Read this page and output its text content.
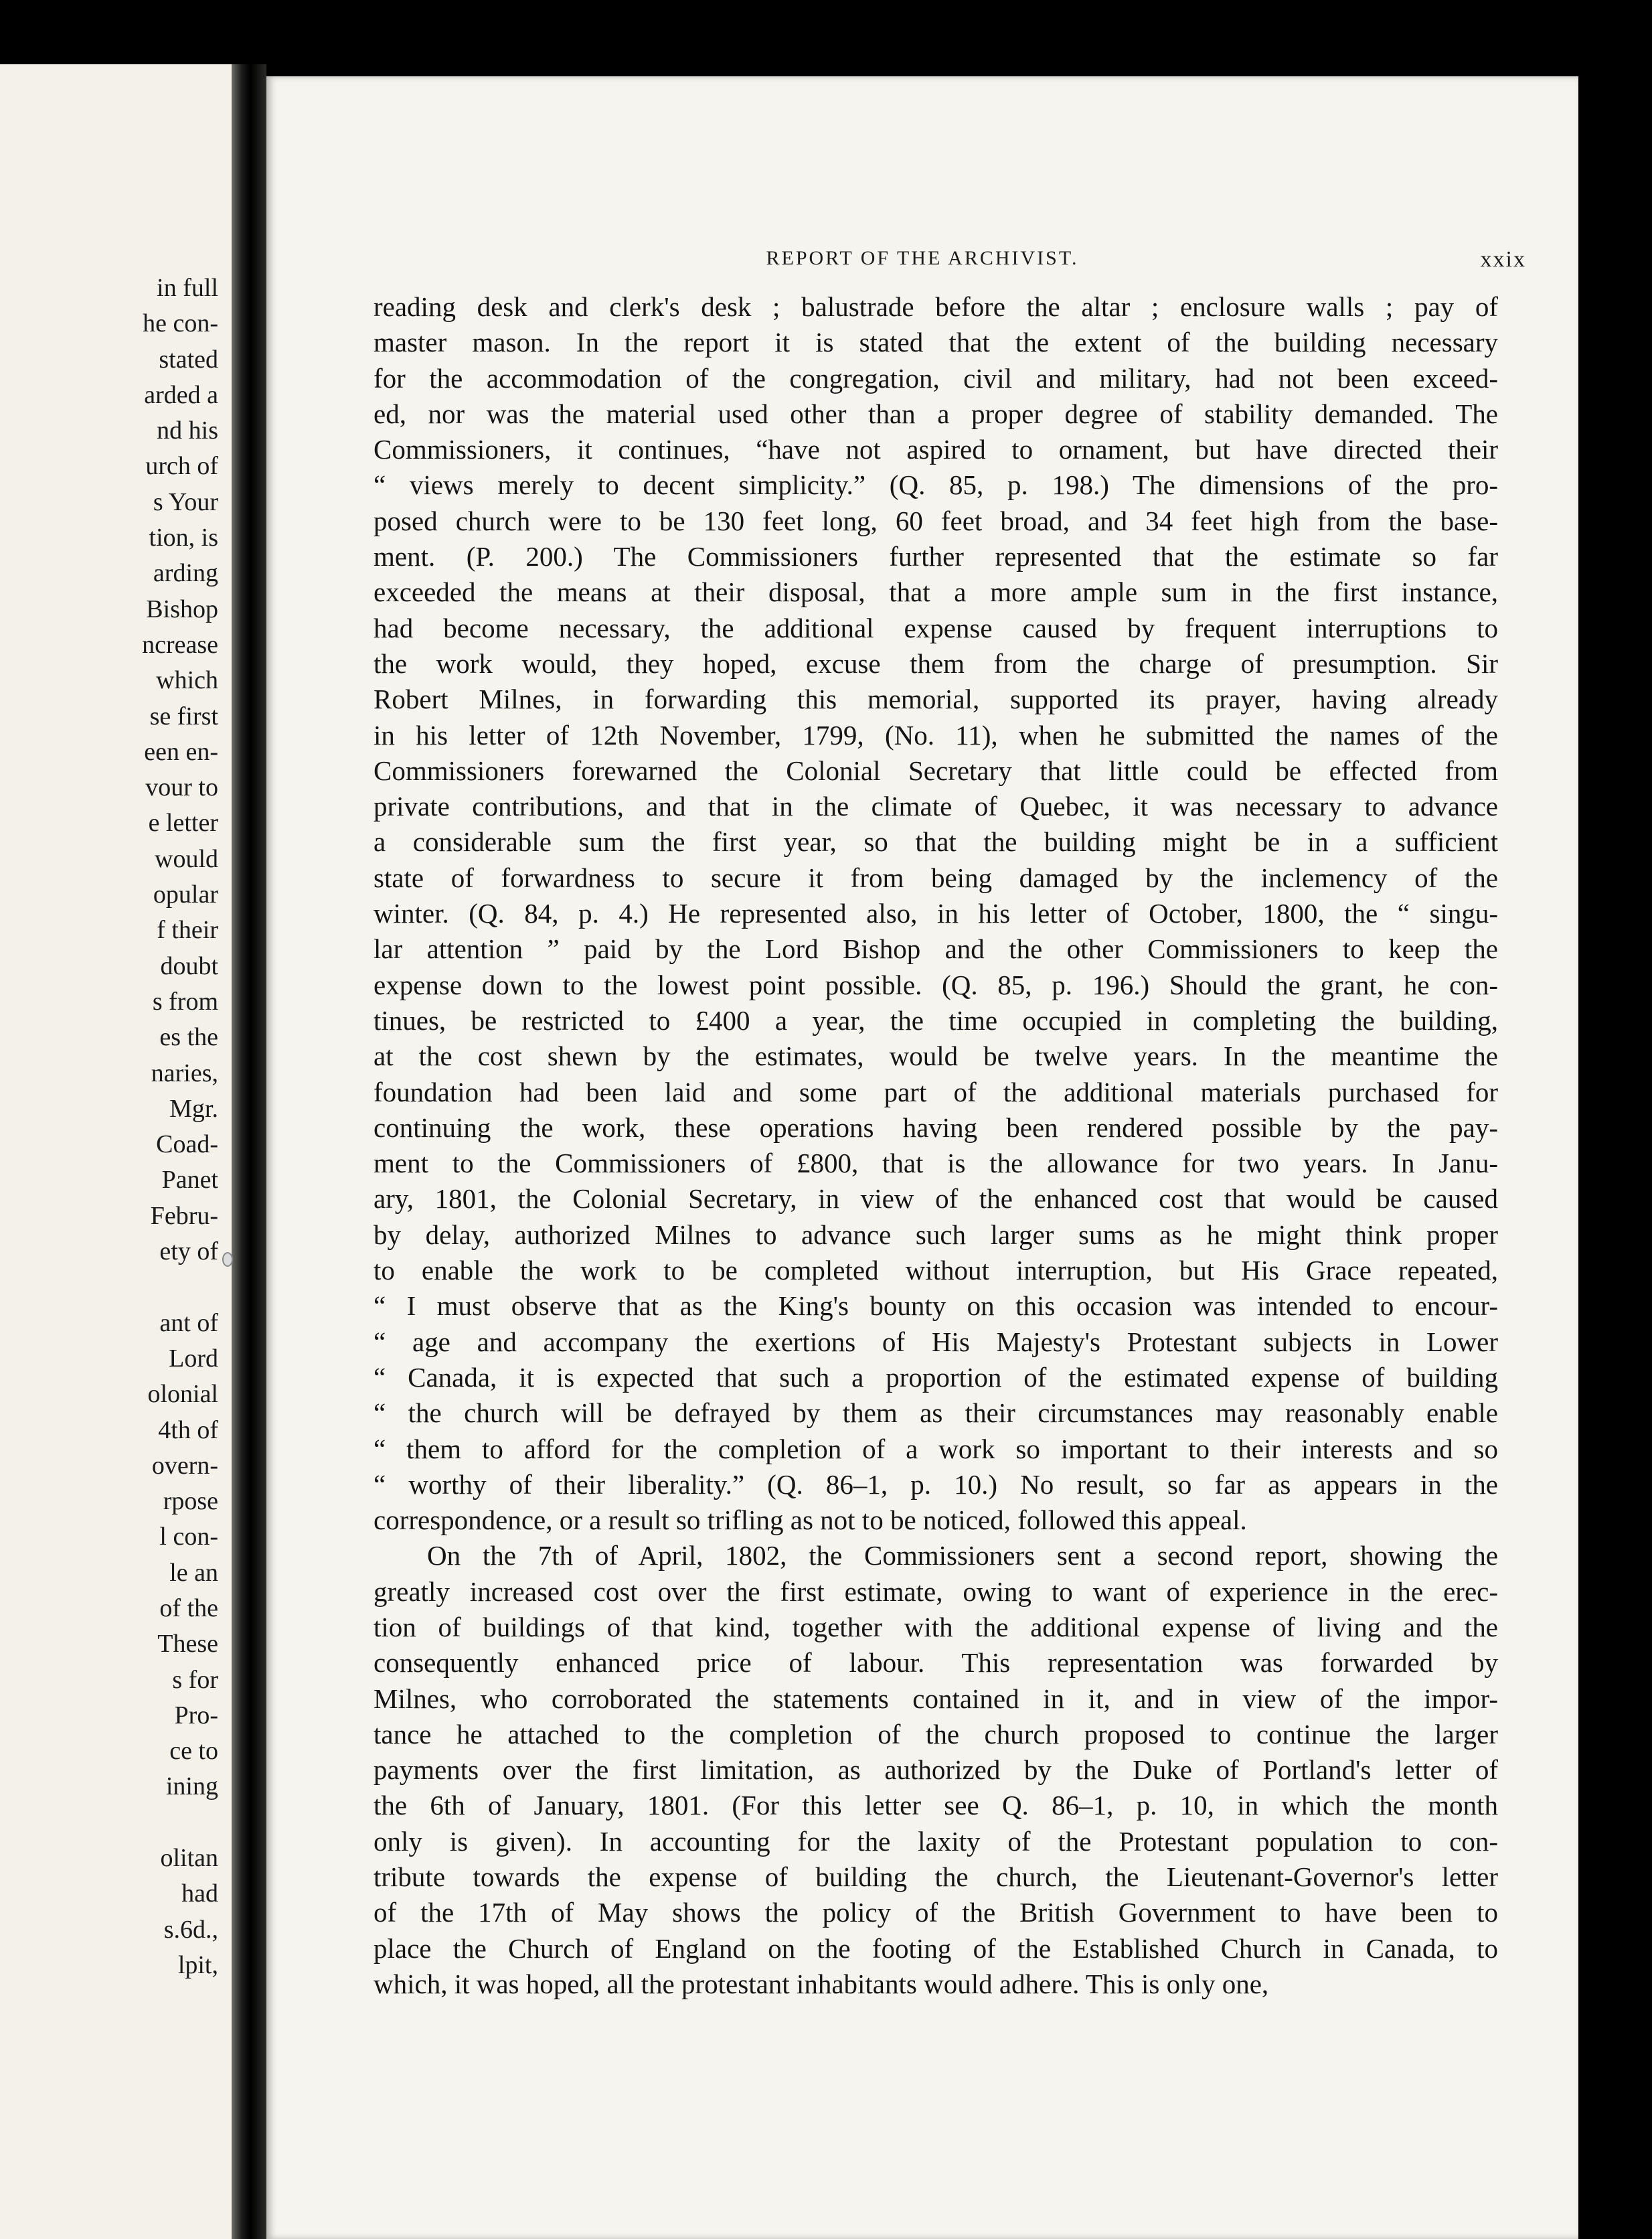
in full
he con-
stated
arded a
nd his
urch of
s Your
tion, is
arding
Bishop
ncrease
which
se first
een en-
vour to
e letter
would
opular
f their
doubt
s from
es the
naries,
Mgr.
Coad-
Panet
Febru-
ety of
ant of
Lord
olonial
4th of
overn-
rpose
l con-
le an
of the
These
s for
Pro-
ce to
ining
olitan
had
s.6d.,
lpit,
REPORT OF THE ARCHIVIST.	xxix
reading desk and clerk's desk ; balustrade before the altar ; enclosure walls ; pay of
master mason. In the report it is stated that the extent of the building necessary
for the accommodation of the congregation, civil and military, had not been exceed-
ed, nor was the material used other than a proper degree of stability demanded. The
Commissioners, it continues, “have not aspired to ornament, but have directed their
“ views merely to decent simplicity.” (Q. 85, p. 198.) The dimensions of the pro-
posed church were to be 130 feet long, 60 feet broad, and 34 feet high from the base-
ment. (P. 200.) The Commissioners further represented that the estimate so far
exceeded the means at their disposal, that a more ample sum in the first instance,
had become necessary, the additional expense caused by frequent interruptions to
the work would, they hoped, excuse them from the charge of presumption. Sir
Robert Milnes, in forwarding this memorial, supported its prayer, having already
in his letter of 12th November, 1799, (No. 11), when he submitted the names of the
Commissioners forewarned the Colonial Secretary that little could be effected from
private contributions, and that in the climate of Quebec, it was necessary to advance
a considerable sum the first year, so that the building might be in a sufficient
state of forwardness to secure it from being damaged by the inclemency of the
winter. (Q. 84, p. 4.) He represented also, in his letter of October, 1800, the “ singu-
lar attention ” paid by the Lord Bishop and the other Commissioners to keep the
expense down to the lowest point possible. (Q. 85, p. 196.) Should the grant, he con-
tinues, be restricted to £400 a year, the time occupied in completing the building,
at the cost shewn by the estimates, would be twelve years. In the meantime the
foundation had been laid and some part of the additional materials purchased for
continuing the work, these operations having been rendered possible by the pay-
ment to the Commissioners of £800, that is the allowance for two years. In Janu-
ary, 1801, the Colonial Secretary, in view of the enhanced cost that would be caused
by delay, authorized Milnes to advance such larger sums as he might think proper
to enable the work to be completed without interruption, but His Grace repeated,
“ I must observe that as the King's bounty on this occasion was intended to encour-
“ age and accompany the exertions of His Majesty's Protestant subjects in Lower
“ Canada, it is expected that such a proportion of the estimated expense of building
“ the church will be defrayed by them as their circumstances may reasonably enable
“ them to afford for the completion of a work so important to their interests and so
“ worthy of their liberality.” (Q. 86–1, p. 10.) No result, so far as appears in the
correspondence, or a result so trifling as not to be noticed, followed this appeal.
On the 7th of April, 1802, the Commissioners sent a second report, showing the
greatly increased cost over the first estimate, owing to want of experience in the erec-
tion of buildings of that kind, together with the additional expense of living and the
consequently enhanced price of labour. This representation was forwarded by
Milnes, who corroborated the statements contained in it, and in view of the impor-
tance he attached to the completion of the church proposed to continue the larger
payments over the first limitation, as authorized by the Duke of Portland's letter of
the 6th of January, 1801. (For this letter see Q. 86–1, p. 10, in which the month
only is given). In accounting for the laxity of the Protestant population to con-
tribute towards the expense of building the church, the Lieutenant-Governor's letter
of the 17th of May shows the policy of the British Government to have been to
place the Church of England on the footing of the Established Church in Canada, to
which, it was hoped, all the protestant inhabitants would adhere. This is only one,
